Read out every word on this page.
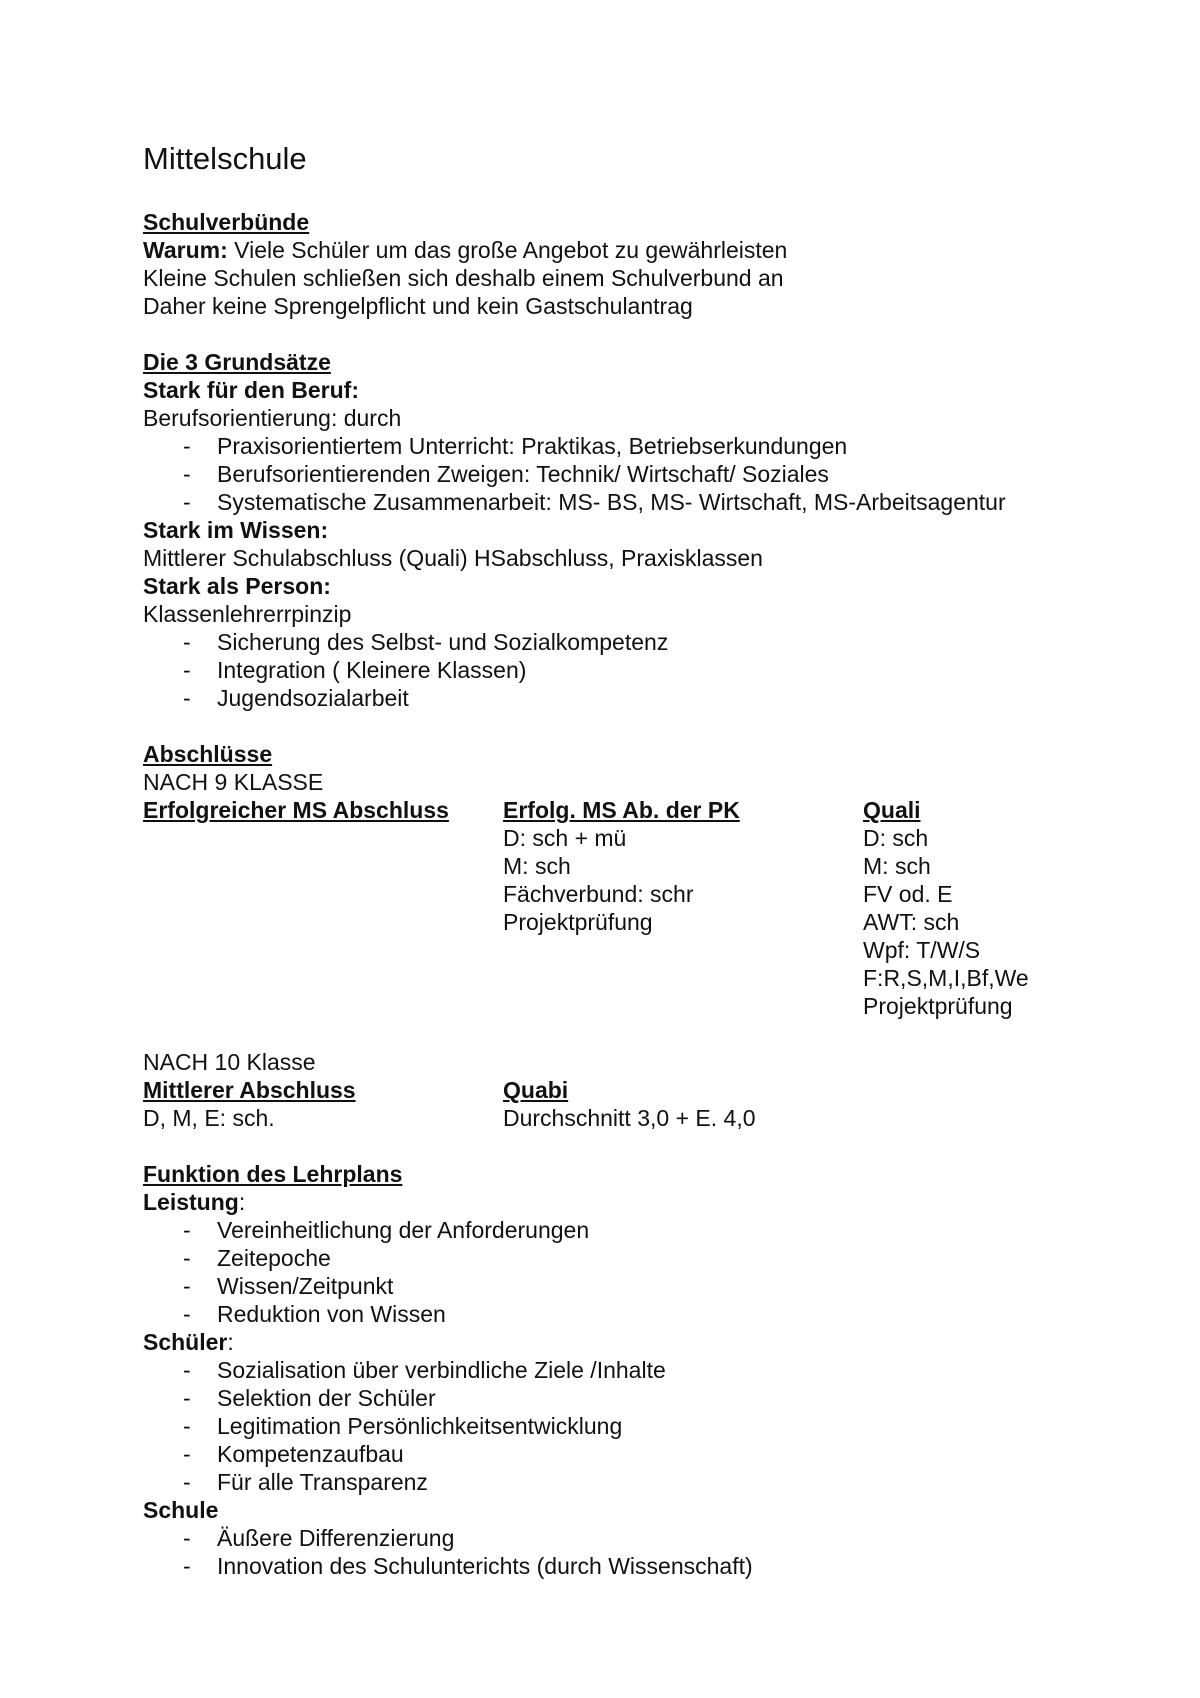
Mittelschule
Schulverbünde
Warum: Viele Schüler um das große Angebot zu gewährleisten
Kleine Schulen schließen sich deshalb einem Schulverbund an
Daher keine Sprengelpflicht und kein Gastschulantrag
Die 3 Grundsätze
Stark für den Beruf:
Berufsorientierung: durch
- Praxisorientiertem Unterricht: Praktikas, Betriebserkundungen
- Berufsorientierenden Zweigen: Technik/ Wirtschaft/ Soziales
- Systematische Zusammenarbeit: MS- BS, MS- Wirtschaft, MS-Arbeitsagentur
Stark im Wissen:
Mittlerer Schulabschluss (Quali) HSabschluss, Praxisklassen
Stark als Person:
Klassenlehrerrpinzip
- Sicherung des Selbst- und Sozialkompetenz
- Integration ( Kleinere Klassen)
- Jugendsozialarbeit
Abschlüsse
NACH 9 KLASSE
Erfolgreicher MS Abschluss Erfolg. MS Ab. der PK
D: sch + mü
M: sch
Fächverbund: schr
Projektprüfung
Quali
D: sch
M: sch
FV od. E
AWT: sch
Wpf: T/W/S
F:R,S,M,I,Bf,We
Projektprüfung
NACH 10 Klasse
Mittlerer Abschluss
D, M, E: sch.
Quabi
Durchschnitt 3,0 + E. 4,0
Funktion des Lehrplans
Leistung:
- Vereinheitlichung der Anforderungen
- Zeitepoche
- Wissen/Zeitpunkt
- Reduktion von Wissen
Schüler:
- Sozialisation über verbindliche Ziele /Inhalte
- Selektion der Schüler
- Legitimation Persönlichkeitsentwicklung
- Kompetenzaufbau
- Für alle Transparenz
Schule
- Äußere Differenzierung
- Innovation des Schulunterichts (durch Wissenschaft)
